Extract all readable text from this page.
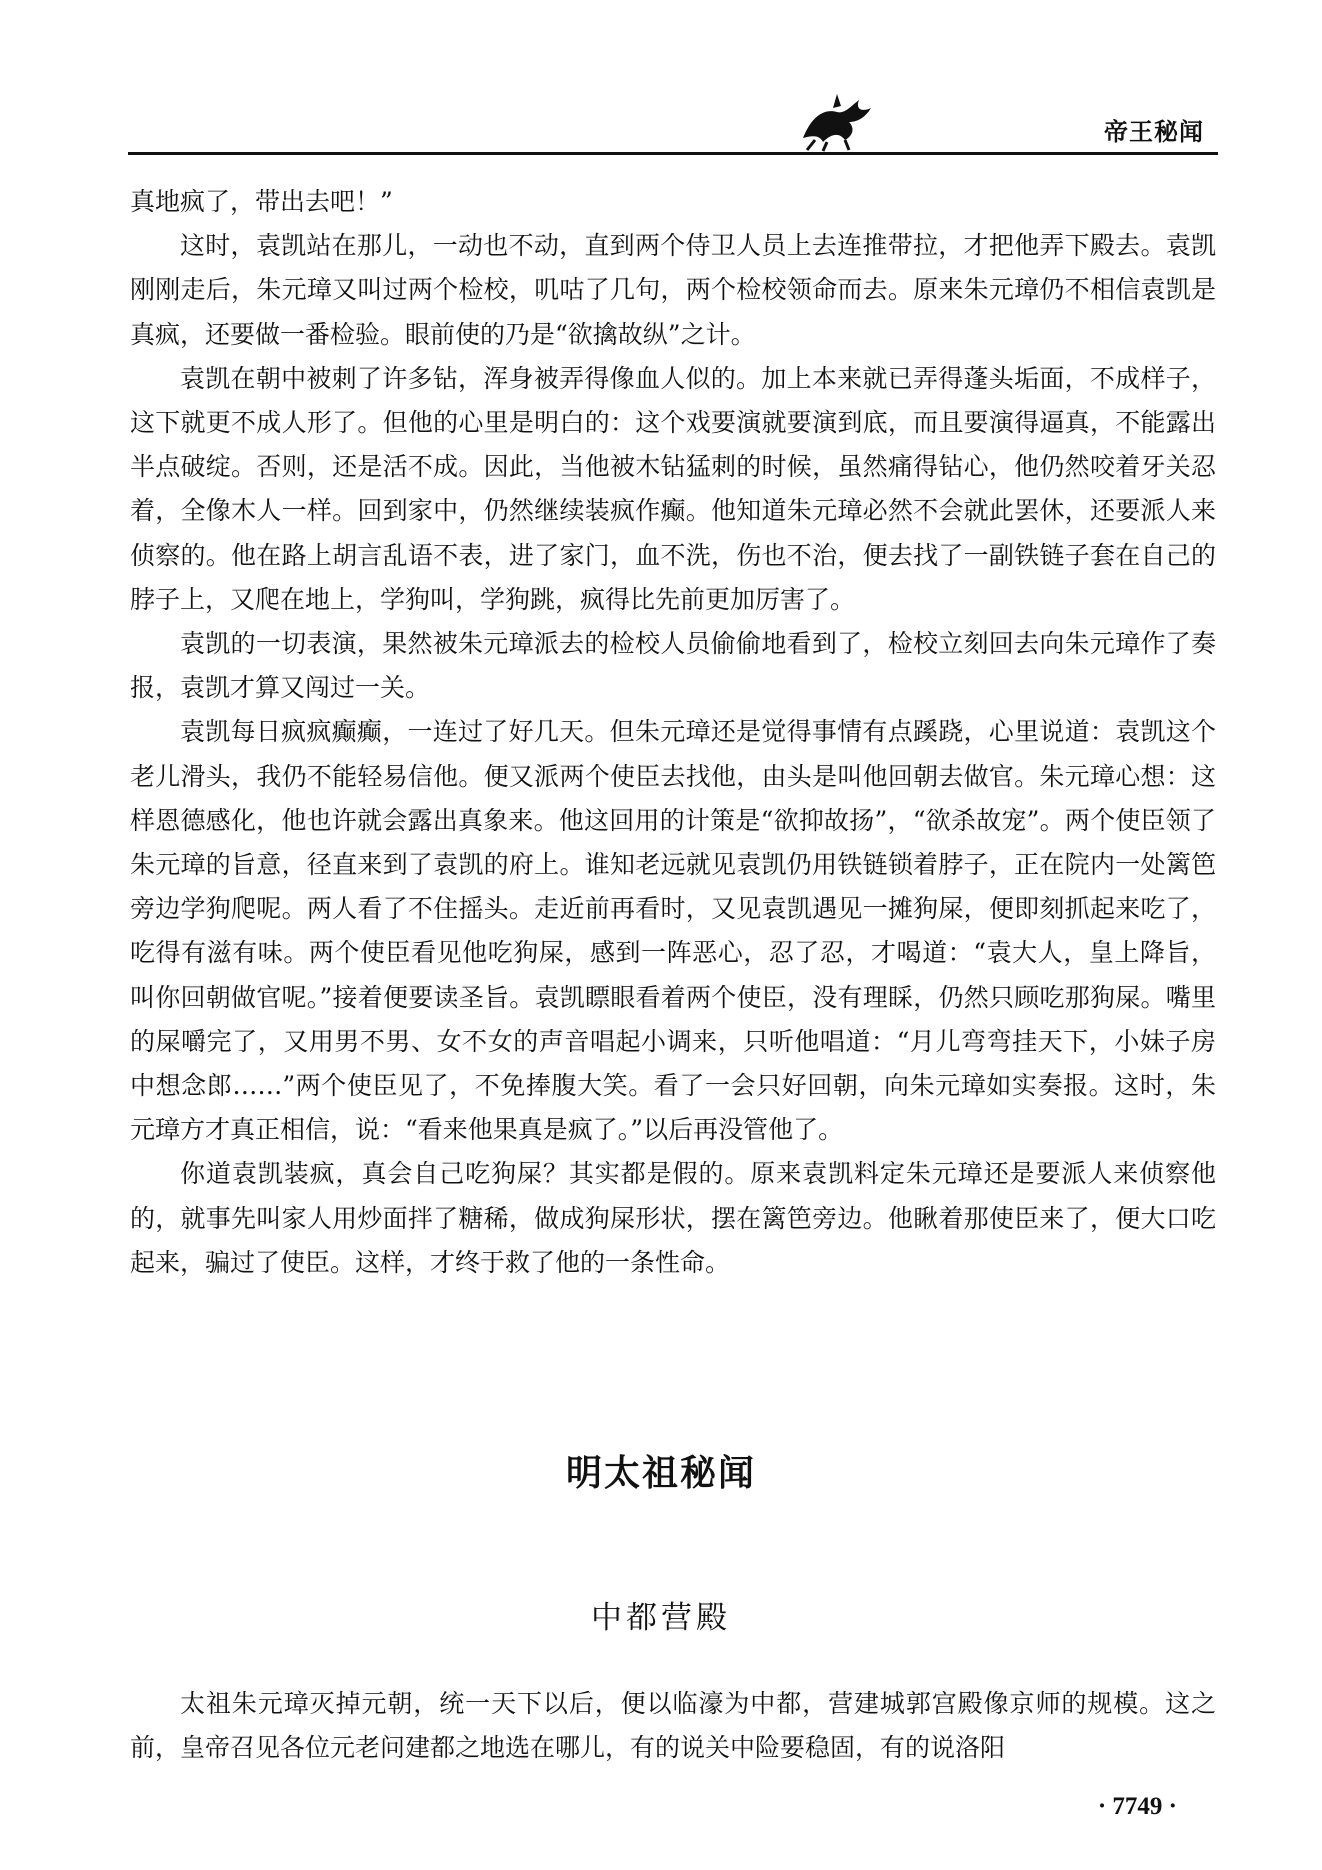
帝王秘闻

真地疯了，带出去吧！”

这时，袁凯站在那儿，一动也不动，直到两个侍卫人员上去连推带拉，才把他弄下殿去。袁凯刚刚走后，朱元璋又叫过两个检校，叽咕了几句，两个检校领命而去。原来朱元璋仍不相信袁凯是真疯，还要做一番检验。眼前使的乃是“欲擒故纵”之计。

袁凯在朝中被刺了许多钻，浑身被弄得像血人似的。加上本来就已弄得蓬头垢面，不成样子，这下就更不成人形了。但他的心里是明白的：这个戏要演就要演到底，而且要演得逼真，不能露出半点破绽。否则，还是活不成。因此，当他被木钻猛刺的时候，虽然痛得钻心，他仍然咬着牙关忍着，全像木人一样。回到家中，仍然继续装疯作癫。他知道朱元璋必然不会就此罢休，还要派人来侦察的。他在路上胡言乱语不表，进了家门，血不洗，伤也不治，便去找了一副铁链子套在自己的脖子上，又爬在地上，学狗叫，学狗跳，疯得比先前更加厉害了。

袁凯的一切表演，果然被朱元璋派去的检校人员偷偷地看到了，检校立刻回去向朱元璋作了奏报，袁凯才算又闯过一关。

袁凯每日疯疯癫癫，一连过了好几天。但朱元璋还是觉得事情有点蹊跷，心里说道：袁凯这个老儿滑头，我仍不能轻易信他。便又派两个使臣去找他，由头是叫他回朝去做官。朱元璋心想：这样恩德感化，他也许就会露出真象来。他这回用的计策是“欲抑故扬”，“欲杀故宠”。两个使臣领了朱元璋的旨意，径直来到了袁凯的府上。谁知老远就见袁凯仍用铁链锁着脖子，正在院内一处篱笆旁边学狗爬呢。两人看了不住摇头。走近前再看时，又见袁凯遇见一摊狗屎，便即刻抓起来吃了，吃得有滋有味。两个使臣看见他吃狗屎，感到一阵恶心，忍了忍，才喝道：“袁大人，皇上降旨，叫你回朝做官呢。”接着便要读圣旨。袁凯瞟眼看着两个使臣，没有理睬，仍然只顾吃那狗屎。嘴里的屎嚼完了，又用男不男、女不女的声音唱起小调来，只听他唱道：“月儿弯弯挂天下，小妹子房中想念郎……”两个使臣见了，不免捧腹大笑。看了一会只好回朝，向朱元璋如实奏报。这时，朱元璋方才真正相信，说：“看来他果真是疯了。”以后再没管他了。

你道袁凯装疯，真会自己吃狗屎？其实都是假的。原来袁凯料定朱元璋还是要派人来侦察他的，就事先叫家人用炒面拌了糖稀，做成狗屎形状，摆在篱笆旁边。他瞅着那使臣来了，便大口吃起来，骗过了使臣。这样，才终于救了他的一条性命。

明太祖秘闻
中都营殿

太祖朱元璋灭掉元朝，统一天下以后，便以临濠为中都，营建城郭宫殿像京师的规模。这之前，皇帝召见各位元老问建都之地选在哪儿，有的说关中险要稳固，有的说洛阳

· 7749 ·
